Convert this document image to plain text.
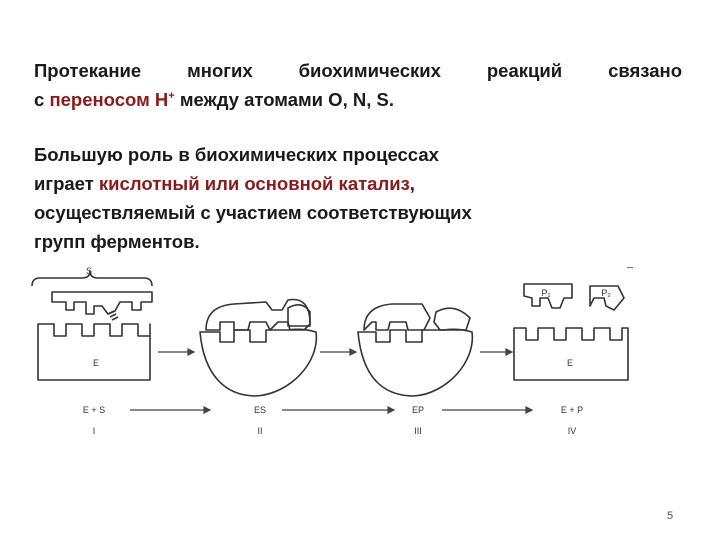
Протекание многих биохимических реакций связано
с переносом Н+ между атомами O, N, S.

Большую роль в биохимических процессах
играет кислотный или основной катализ,
осуществляемый с участием соответствующих
групп ферментов.

S
E	E
P₁	P₂
E + S	ES	EP	E + P
I	II	III	IV
5
